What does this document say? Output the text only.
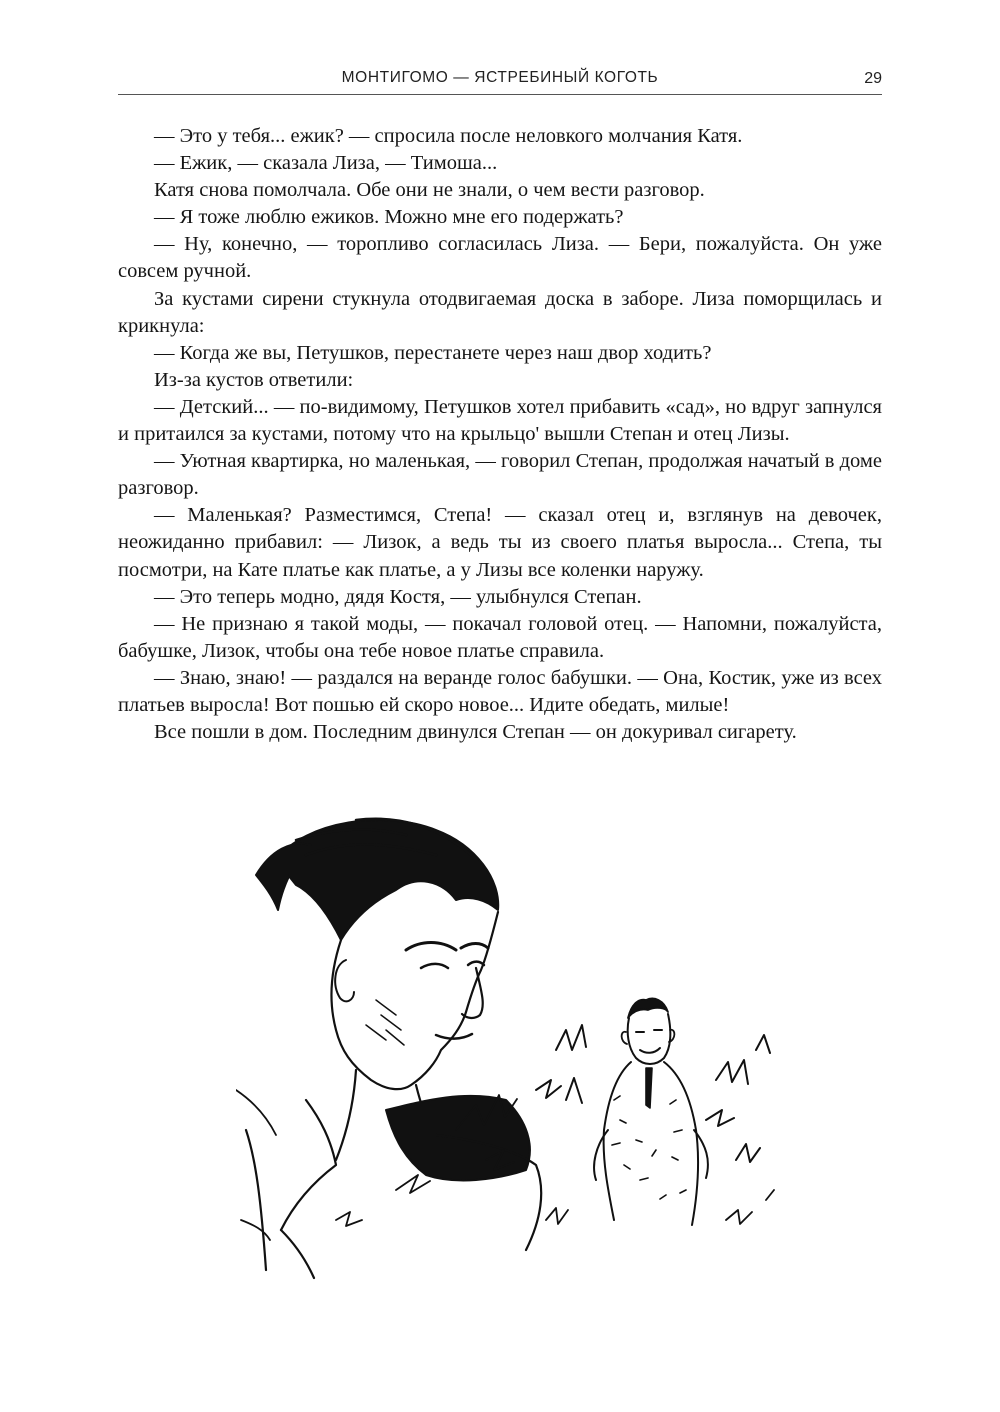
МОНТИГОМО — ЯСТРЕБИНЫЙ КОГОТЬ	29

— Это у тебя... ежик? — спросила после неловкого молчания Катя.

— Ежик, — сказала Лиза, — Тимоша...

Катя снова помолчала. Обе они не знали, о чем вести разговор.

— Я тоже люблю ежиков. Можно мне его подержать?

— Ну, конечно, — торопливо согласилась Лиза. — Бери, пожалуйста. Он уже совсем ручной.

За кустами сирени стукнула отодвигаемая доска в заборе. Лиза поморщилась и крикнула:

— Когда же вы, Петушков, перестанете через наш двор ходить?

Из-за кустов ответили:

— Детский... — по-видимому, Петушков хотел прибавить «сад», но вдруг запнулся и притаился за кустами, потому что на крыльцо' вышли Степан и отец Лизы.

— Уютная квартирка, но маленькая, — говорил Степан, продолжая начатый в доме разговор.

— Маленькая? Разместимся, Степа! — сказал отец и, взглянув на девочек, неожиданно прибавил: — Лизок, а ведь ты из своего платья выросла... Степа, ты посмотри, на Кате платье как платье, а у Лизы все коленки наружу.

— Это теперь модно, дядя Костя, — улыбнулся Степан.

— Не признаю я такой моды, — покачал головой отец. — Напомни, пожалуйста, бабушке, Лизок, чтобы она тебе новое платье справила.

— Знаю, знаю! — раздался на веранде голос бабушки. — Она, Костик, уже из всех платьев выросла! Вот пошью ей скоро новое... Идите обедать, милые!

Все пошли в дом. Последним двинулся Степан — он докуривал сигарету.
